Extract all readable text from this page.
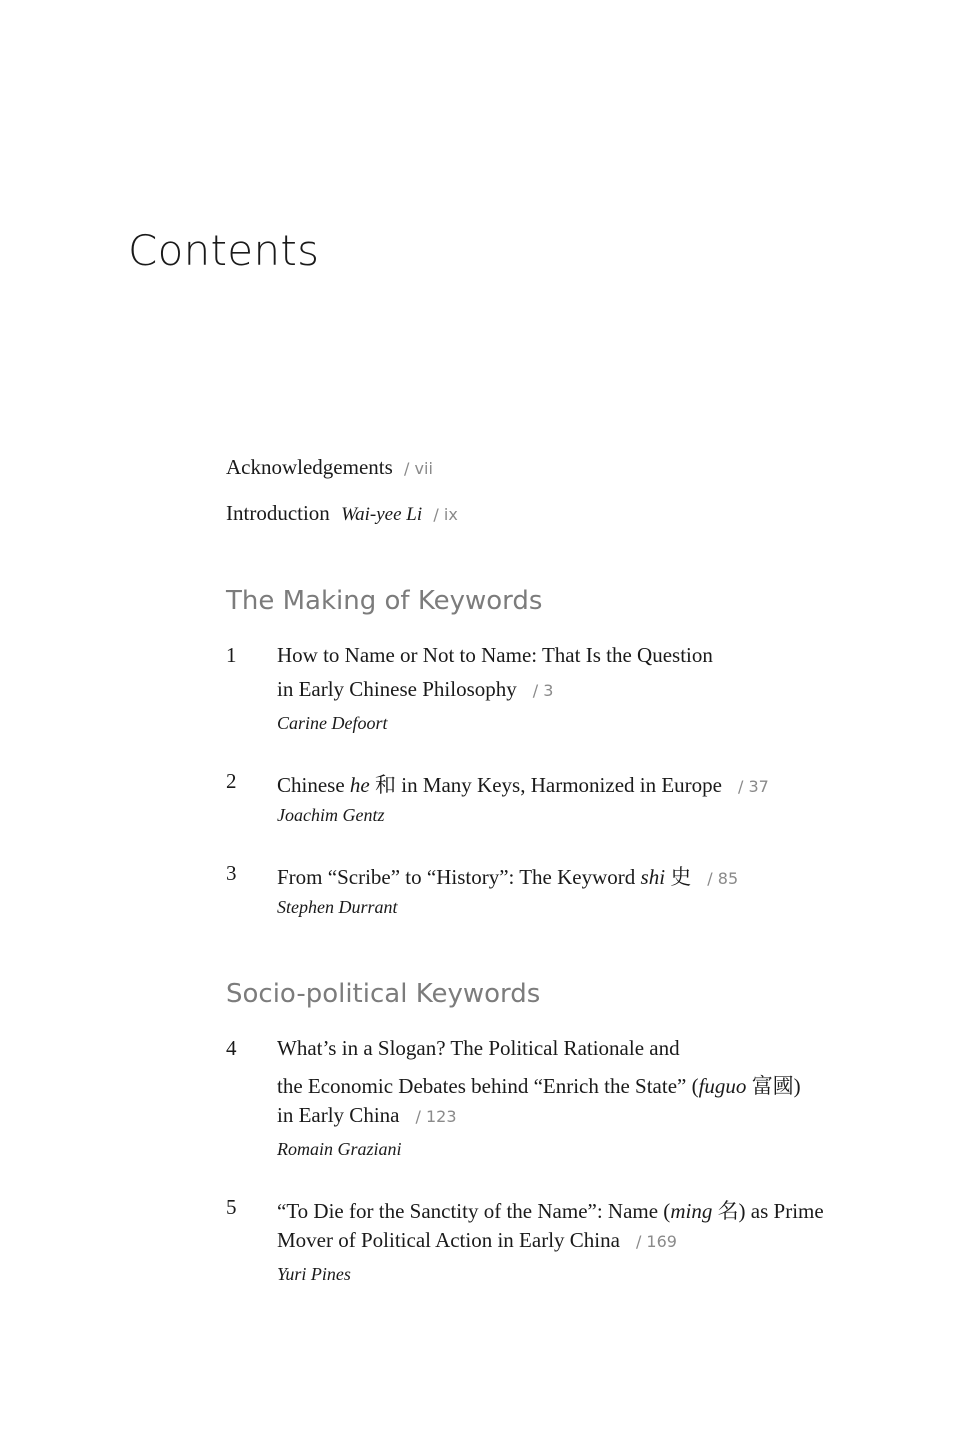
Contents
Acknowledgements / vii
Introduction Wai-yee Li / ix
The Making of Keywords
1 How to Name or Not to Name: That Is the Question
in Early Chinese Philosophy / 3
Carine Defoort
2 Chinese he 和 in Many Keys, Harmonized in Europe / 37
Joachim Gentz
3 From “Scribe” to “History”: The Keyword shi 史 / 85
Stephen Durrant
Socio-political Keywords
4 What’s in a Slogan? The Political Rationale and
the Economic Debates behind “Enrich the State” (fuguo 富國)
in Early China / 123
Romain Graziani
5 “To Die for the Sanctity of the Name”: Name (ming 名) as Prime
Mover of Political Action in Early China / 169
Yuri Pines
